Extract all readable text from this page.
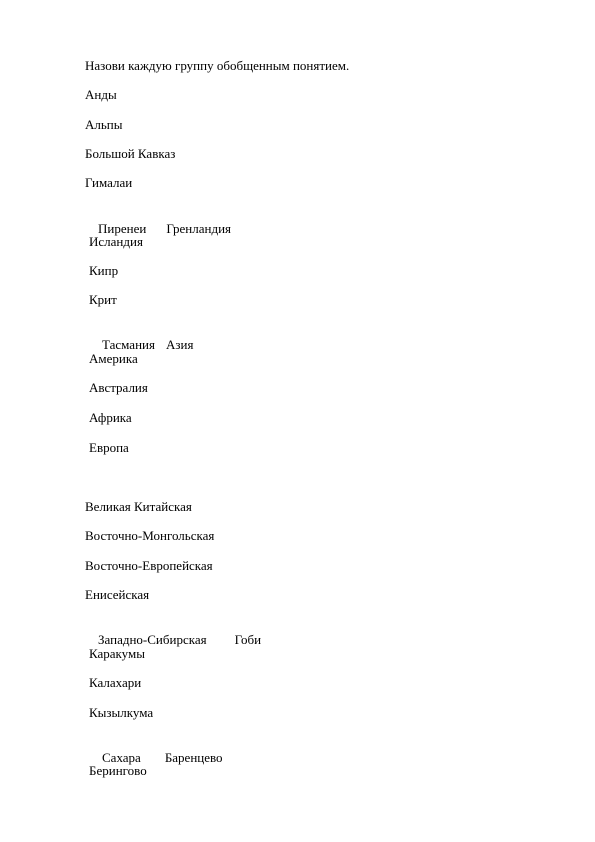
Назови каждую группу обобщенным понятием.
Анды
Альпы
Большой Кавказ
Гималаи

Пиренеи Гренландия

Исландия
Кипр
Крит

Тасмания Азия

Америка
Австралия
Африка
Европа
Великая Китайская
Восточно-Монгольская
Восточно-Европейская
Енисейская

Западно-Сибирская Гоби

Каракумы
Калахари
Кызылкума

Сахара Баренцево

Берингово
